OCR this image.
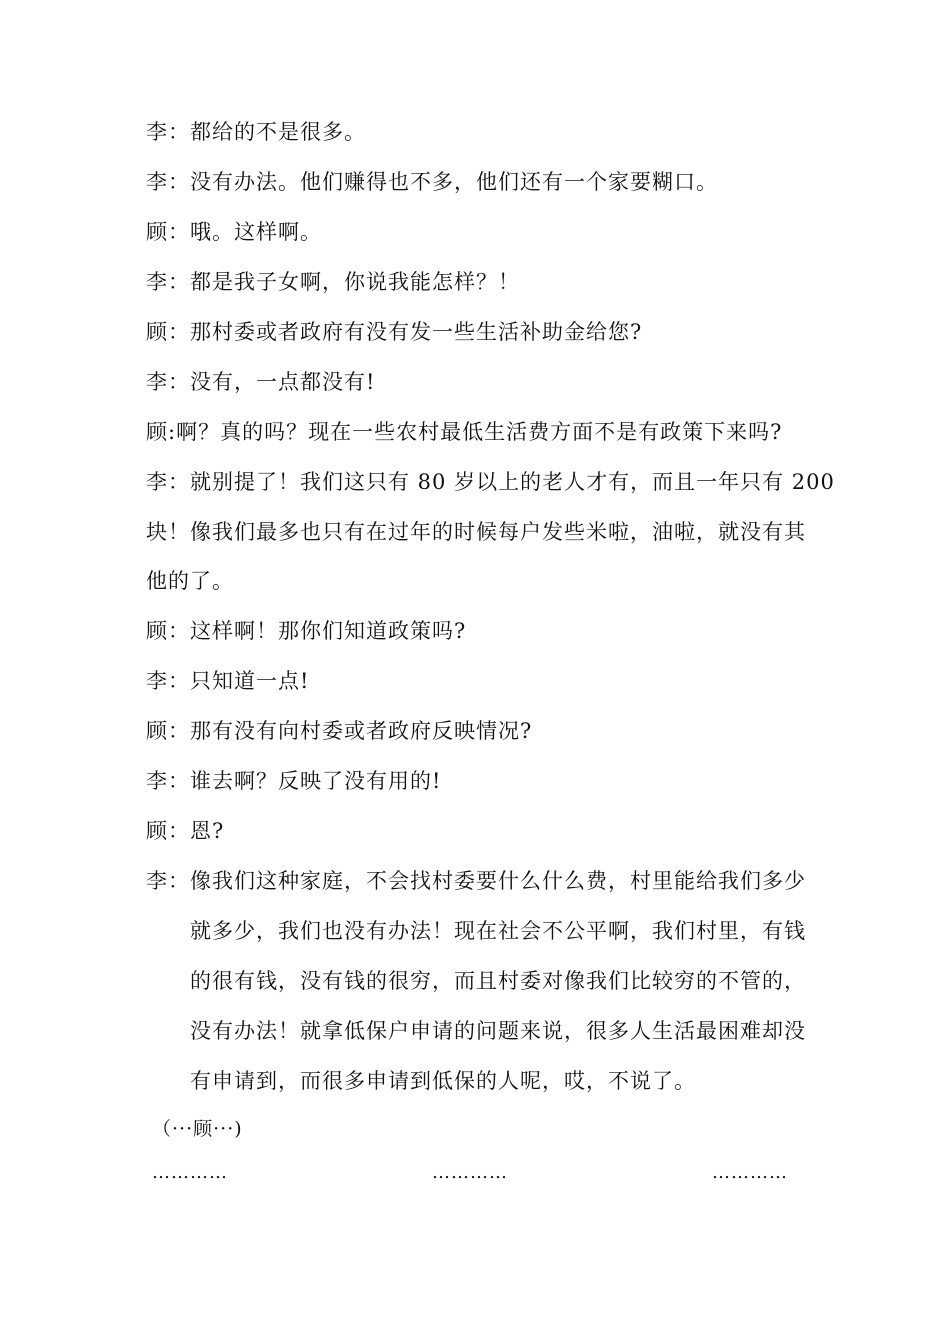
李：都给的不是很多。
李：没有办法。他们赚得也不多，他们还有一个家要糊口。
顾：哦。这样啊。
李：都是我子女啊，你说我能怎样？！
顾：那村委或者政府有没有发一些生活补助金给您?
李：没有，一点都没有!
顾:啊？真的吗？现在一些农村最低生活费方面不是有政策下来吗?
李：就别提了！我们这只有 80 岁以上的老人才有，而且一年只有 200
块！像我们最多也只有在过年的时候每户发些米啦，油啦，就没有其
他的了。
顾：这样啊！那你们知道政策吗?
李：只知道一点!
顾：那有没有向村委或者政府反映情况?
李：谁去啊？反映了没有用的!
顾：恩?
李：像我们这种家庭，不会找村委要什么什么费，村里能给我们多少
就多少，我们也没有办法！现在社会不公平啊，我们村里，有钱
的很有钱，没有钱的很穷，而且村委对像我们比较穷的不管的，
没有办法！就拿低保户申请的问题来说，很多人生活最困难却没
有申请到，而很多申请到低保的人呢，哎，不说了。
（···顾···)
…………	…………	…………
